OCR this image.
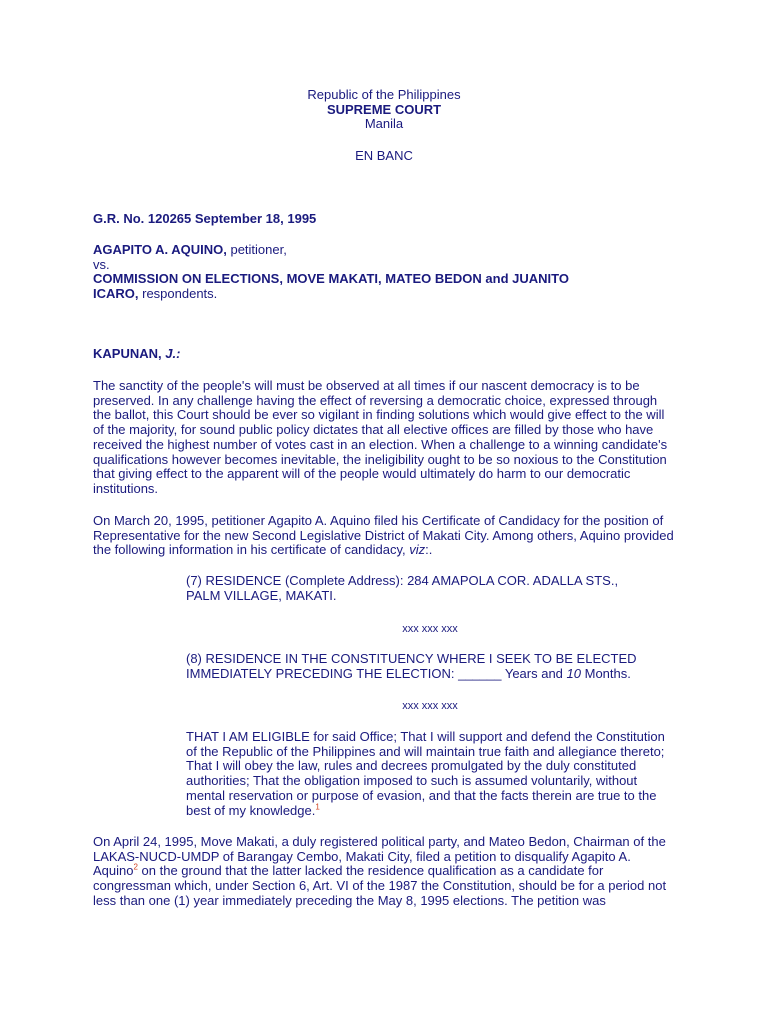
Republic of the Philippines

SUPREME COURT

Manila

EN BANC

G.R. No. 120265 September 18, 1995

AGAPITO A. AQUINO, petitioner,

vs.

COMMISSION ON ELECTIONS, MOVE MAKATI, MATEO BEDON and JUANITO

ICARO, respondents.

KAPUNAN, J.:

The sanctity of the people's will must be observed at all times if our nascent democracy is to be preserved. In any challenge having the effect of reversing a democratic choice, expressed through the ballot, this Court should be ever so vigilant in finding solutions which would give effect to the will of the majority, for sound public policy dictates that all elective offices are filled by those who have received the highest number of votes cast in an election. When a challenge to a winning candidate's qualifications however becomes inevitable, the ineligibility ought to be so noxious to the Constitution that giving effect to the apparent will of the people would ultimately do harm to our democratic institutions.

On March 20, 1995, petitioner Agapito A. Aquino filed his Certificate of Candidacy for the position of Representative for the new Second Legislative District of Makati City. Among others, Aquino provided the following information in his certificate of candidacy, viz:.

(7) RESIDENCE (Complete Address): 284 AMAPOLA COR. ADALLA STS., PALM VILLAGE, MAKATI.

xxx xxx xxx

(8) RESIDENCE IN THE CONSTITUENCY WHERE I SEEK TO BE ELECTED IMMEDIATELY PRECEDING THE ELECTION: ______ Years and 10 Months.

xxx xxx xxx

THAT I AM ELIGIBLE for said Office; That I will support and defend the Constitution of the Republic of the Philippines and will maintain true faith and allegiance thereto; That I will obey the law, rules and decrees promulgated by the duly constituted authorities; That the obligation imposed to such is assumed voluntarily, without mental reservation or purpose of evasion, and that the facts therein are true to the best of my knowledge.$^1$

On April 24, 1995, Move Makati, a duly registered political party, and Mateo Bedon, Chairman of the LAKAS-NUCD-UMDP of Barangay Cembo, Makati City, filed a petition to disqualify Agapito A. Aquino$^2$ on the ground that the latter lacked the residence qualification as a candidate for congressman which, under Section 6, Art. VI of the 1987 the Constitution, should be for a period not less than one (1) year immediately preceding the May 8, 1995 elections. The petition was
